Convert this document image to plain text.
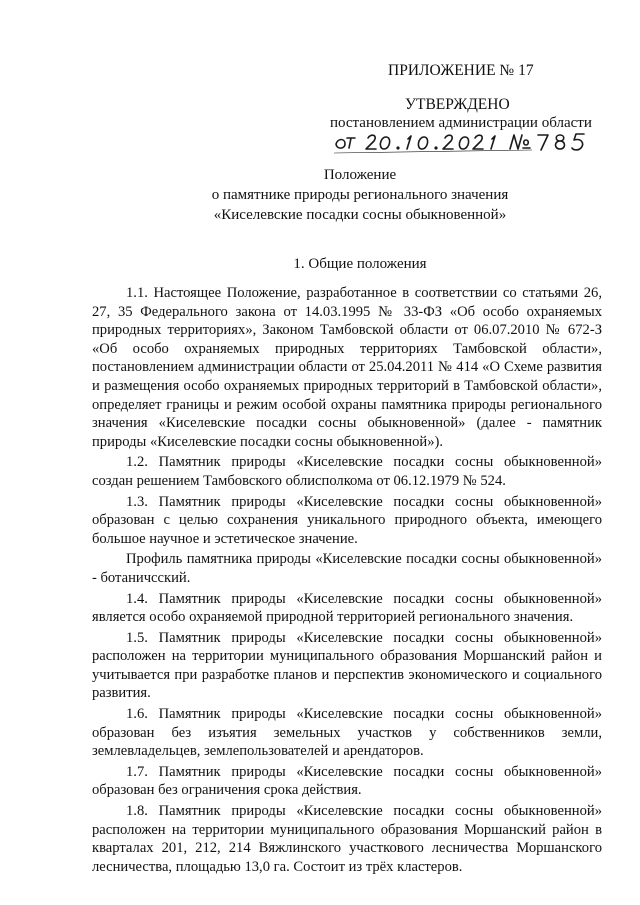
ПРИЛОЖЕНИЕ № 17
УТВЕРЖДЕНО
постановлением администрации области
Положение
о памятнике природы регионального значения
«Киселевские посадки сосны обыкновенной»
1. Общие положения

1.1. Настоящее Положение, разработанное в соответствии со статьями 26, 27, 35 Федерального закона от 14.03.1995 № 33-ФЗ «Об особо охраняемых природных территориях», Законом Тамбовской области от 06.07.2010 № 672-З «Об особо охраняемых природных территориях Тамбовской области», постановлением администрации области от 25.04.2011 № 414 «О Схеме развития и размещения особо охраняемых природных территорий в Тамбовской области», определяет границы и режим особой охраны памятника природы регионального значения «Киселевские посадки сосны обыкновенной» (далее - памятник природы «Киселевские посадки сосны обыкновенной»).

1.2. Памятник природы «Киселевские посадки сосны обыкновенной» создан решением Тамбовского облисполкома от 06.12.1979 № 524.

1.3. Памятник природы «Киселевские посадки сосны обыкновенной» образован с целью сохранения уникального природного объекта, имеющего большое научное и эстетическое значение.

Профиль памятника природы «Киселевские посадки сосны обыкновенной» - ботаничсский.

1.4. Памятник природы «Киселевские посадки сосны обыкновенной» является особо охраняемой природной территорией регионального значения.

1.5. Памятник природы «Киселевские посадки сосны обыкновенной» расположен на территории муниципального образования Моршанский район и учитывается при разработке планов и перспектив экономического и социального развития.

1.6. Памятник природы «Киселевские посадки сосны обыкновенной» образован без изъятия земельных участков у собственников земли, землевладельцев, землепользователей и арендаторов.

1.7. Памятник природы «Киселевские посадки сосны обыкновенной» образован без ограничения срока действия.

1.8. Памятник природы «Киселевские посадки сосны обыкновенной» расположен на территории муниципального образования Моршанский район в кварталах 201, 212, 214 Вяжлинского участкового лесничества Моршанского лесничества, площадью 13,0 га. Состоит из трёх кластеров.
